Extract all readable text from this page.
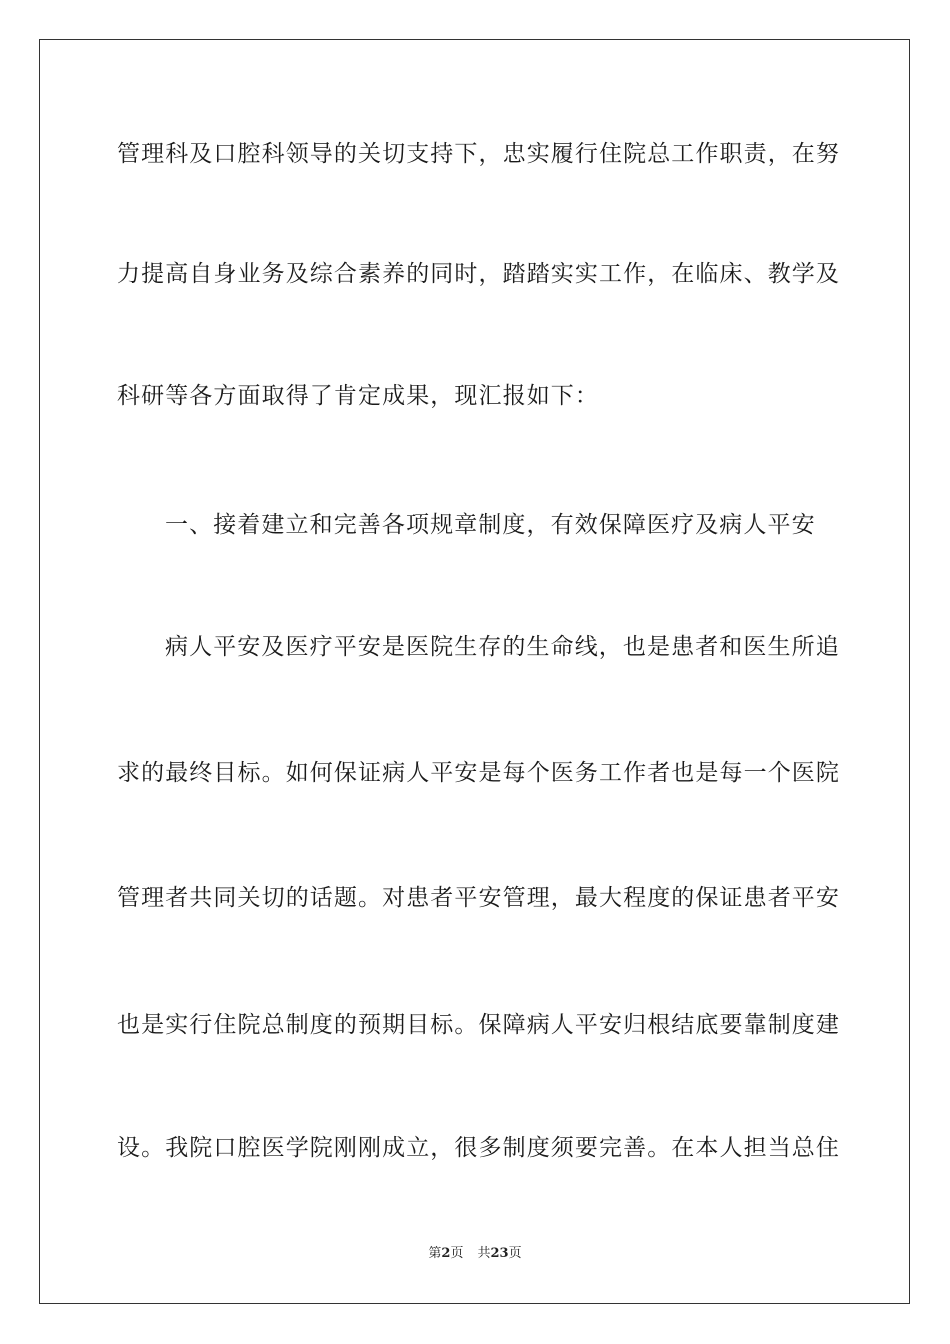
管理科及口腔科领导的关切支持下，忠实履行住院总工作职责，在努
力提高自身业务及综合素养的同时，踏踏实实工作，在临床、教学及
科研等各方面取得了肯定成果，现汇报如下：
一、接着建立和完善各项规章制度，有效保障医疗及病人平安
病人平安及医疗平安是医院生存的生命线，也是患者和医生所追
求的最终目标。如何保证病人平安是每个医务工作者也是每一个医院
管理者共同关切的话题。对患者平安管理，最大程度的保证患者平安
也是实行住院总制度的预期目标。保障病人平安归根结底要靠制度建
设。我院口腔医学院刚刚成立，很多制度须要完善。在本人担当总住
第2页 共23页
